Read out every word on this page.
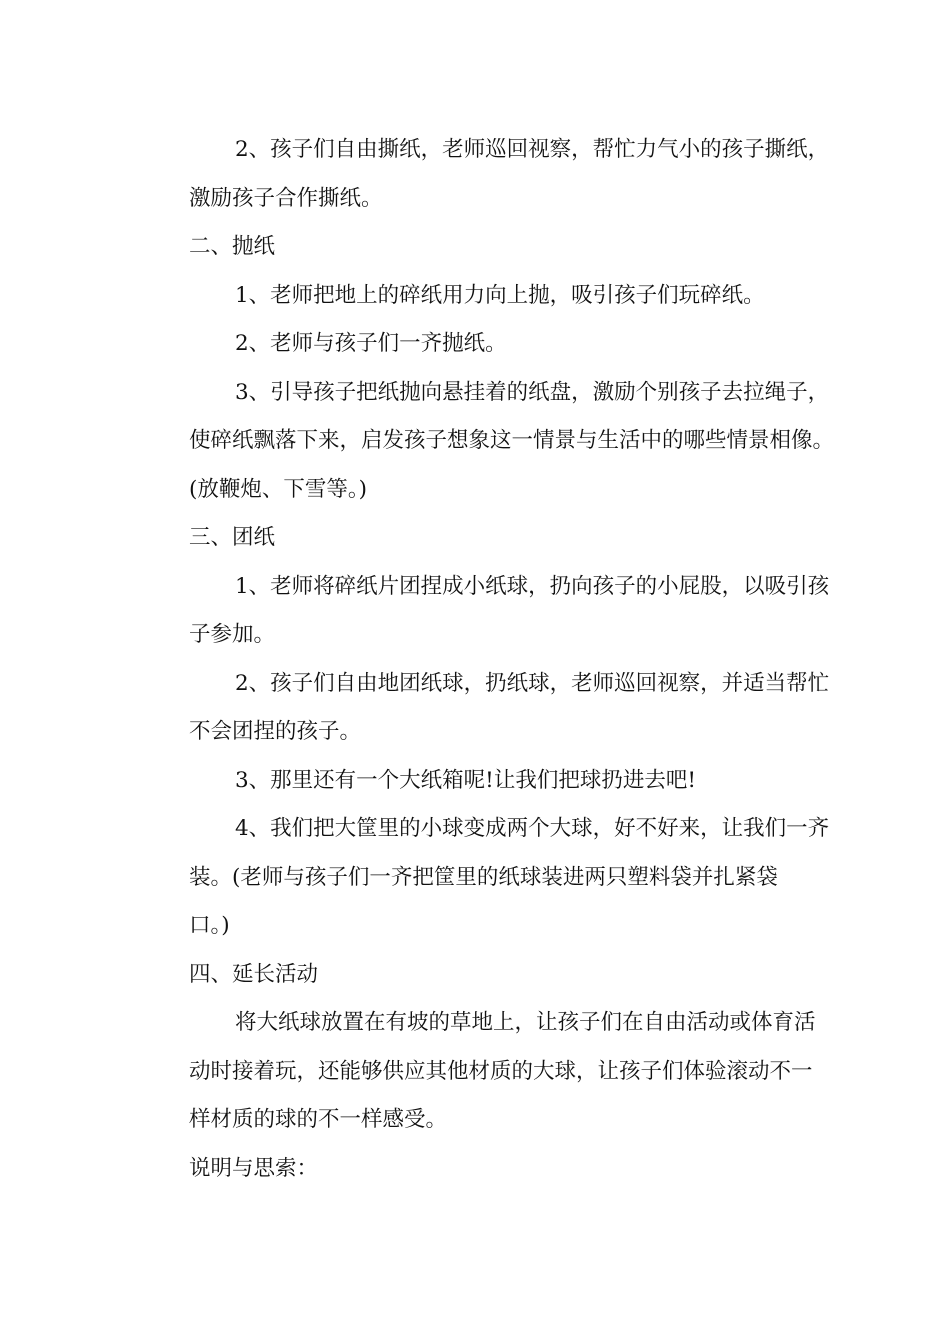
2、孩子们自由撕纸，老师巡回视察，帮忙力气小的孩子撕纸，
激励孩子合作撕纸。

二、抛纸

1、老师把地上的碎纸用力向上抛，吸引孩子们玩碎纸。

2、老师与孩子们一齐抛纸。

3、引导孩子把纸抛向悬挂着的纸盘，激励个别孩子去拉绳子，
使碎纸飘落下来，启发孩子想象这一情景与生活中的哪些情景相像。
(放鞭炮、下雪等。)

三、团纸

1、老师将碎纸片团捏成小纸球，扔向孩子的小屁股，以吸引孩
子参加。

2、孩子们自由地团纸球，扔纸球，老师巡回视察，并适当帮忙
不会团捏的孩子。

3、那里还有一个大纸箱呢!让我们把球扔进去吧!

4、我们把大筐里的小球变成两个大球，好不好来，让我们一齐
装。(老师与孩子们一齐把筐里的纸球装进两只塑料袋并扎紧袋
口。)

四、延长活动

将大纸球放置在有坡的草地上，让孩子们在自由活动或体育活
动时接着玩，还能够供应其他材质的大球，让孩子们体验滚动不一
样材质的球的不一样感受。

说明与思索：
